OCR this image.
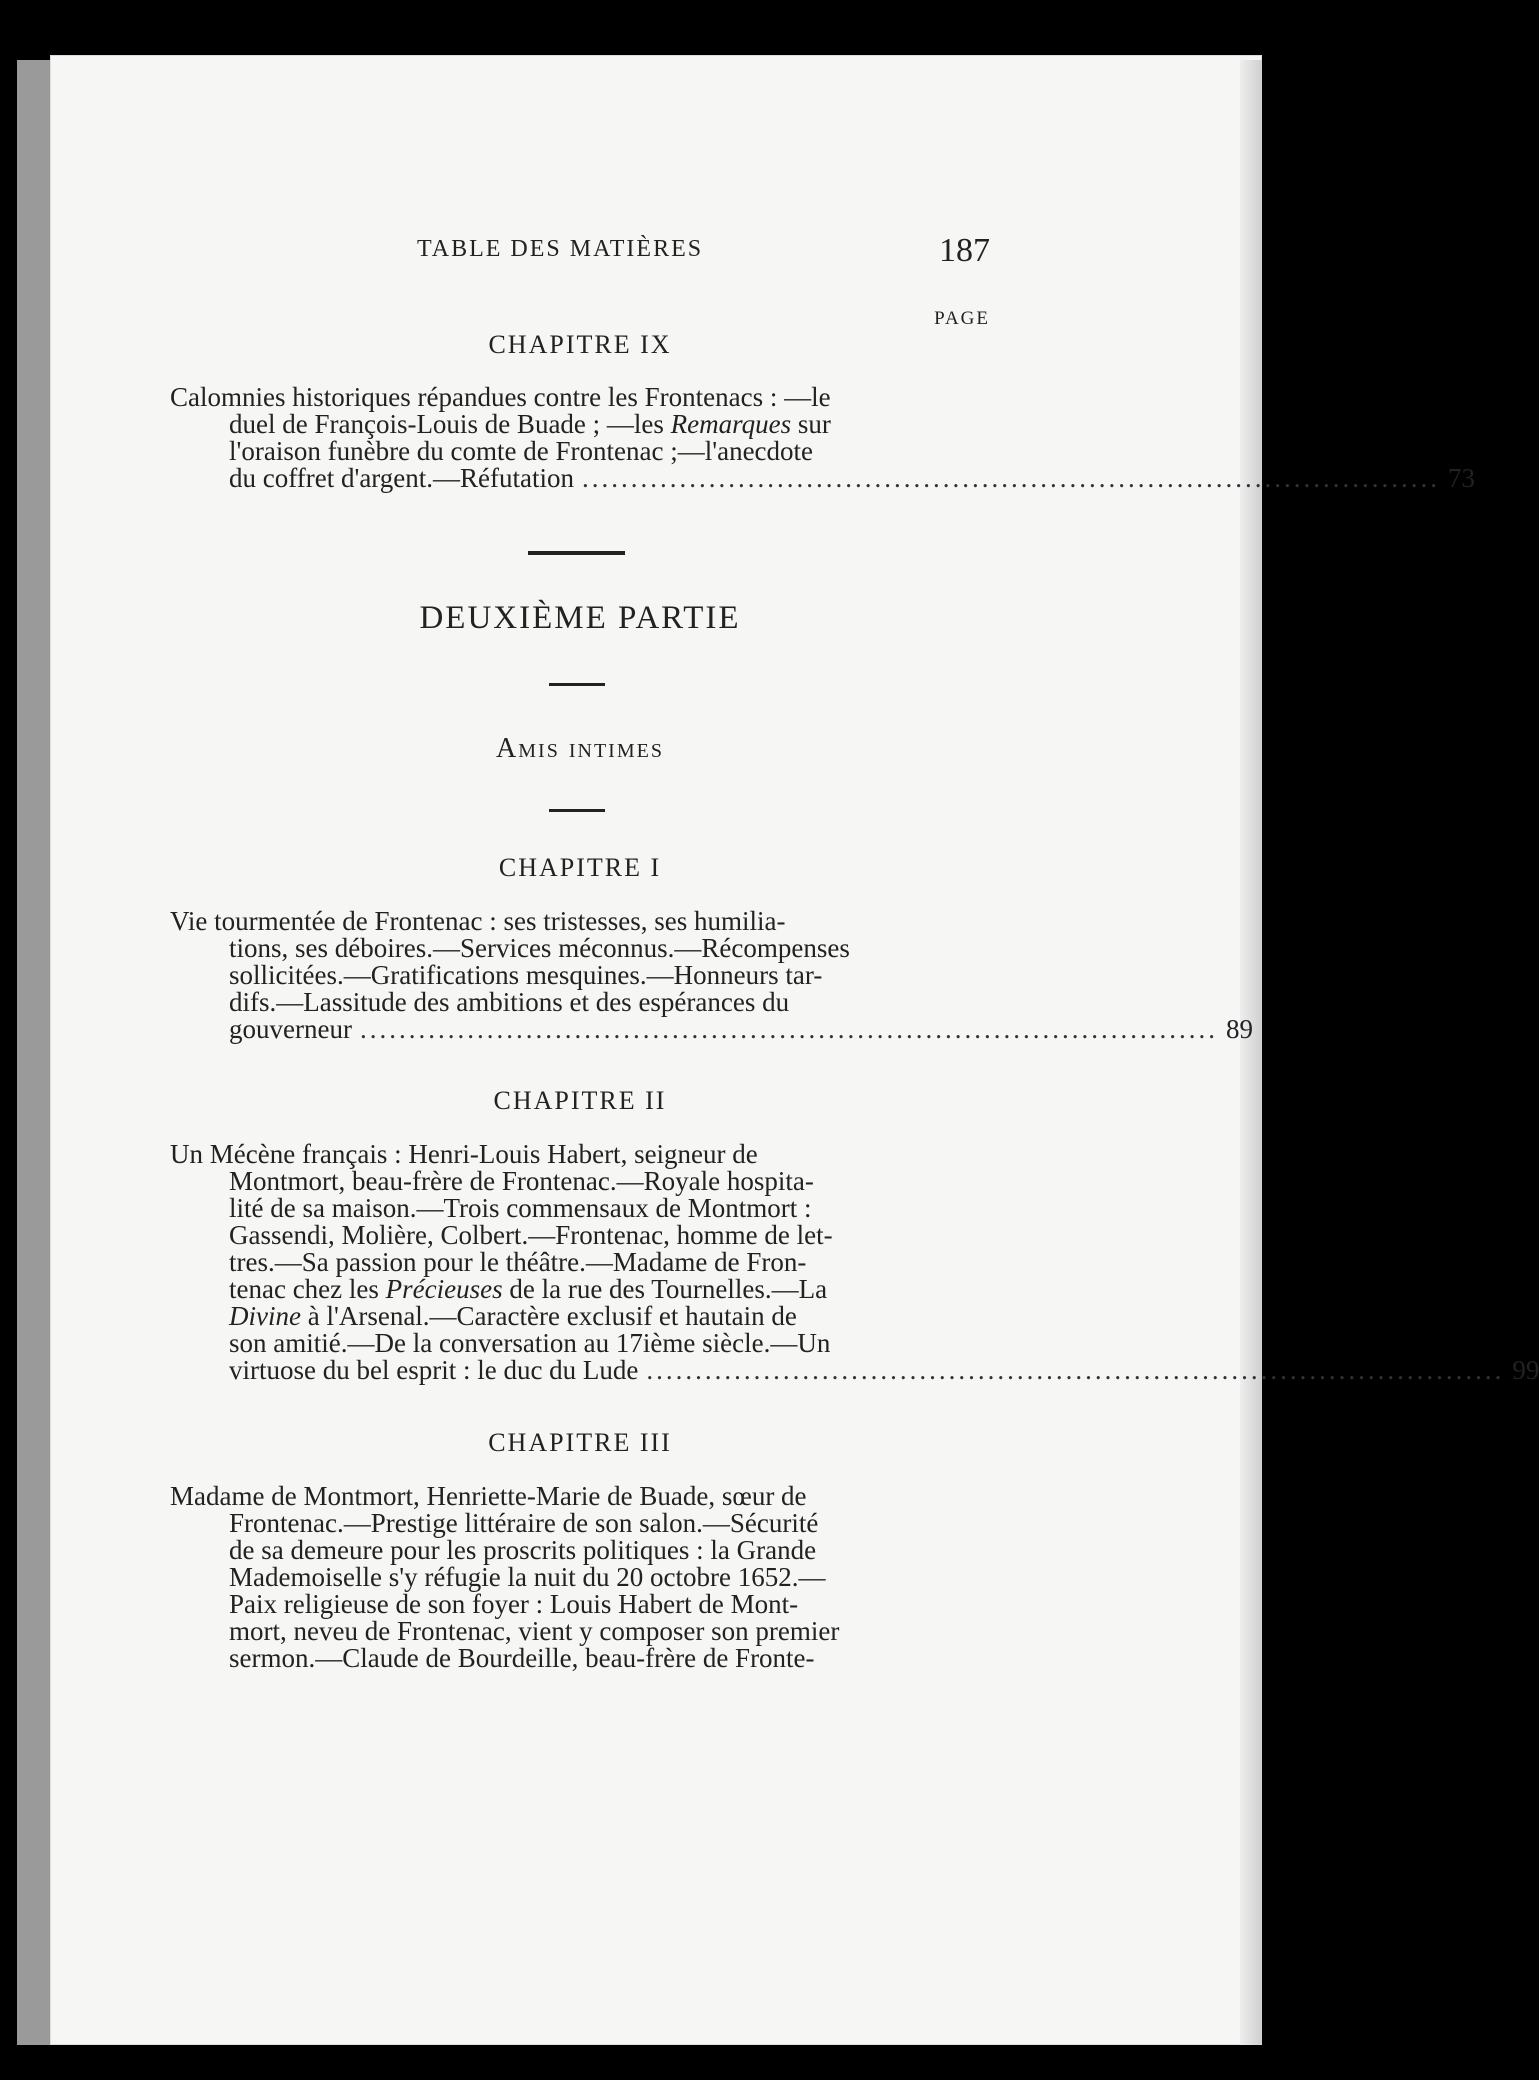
TABLE DES MATIÈRES	187
PAGE
CHAPITRE IX
Calomnies historiques répandues contre les Frontenacs : —le
duel de François-Louis de Buade ; —les Remarques sur
l'oraison funèbre du comte de Frontenac ;—l'anecdote
du coffret d'argent.—Réfutation ........................................................................................ 73
DEUXIÈME PARTIE
Amis intimes
CHAPITRE I
Vie tourmentée de Frontenac : ses tristesses, ses humilia-
tions, ses déboires.—Services méconnus.—Récompenses
sollicitées.—Gratifications mesquines.—Honneurs tar-
difs.—Lassitude des ambitions et des espérances du
gouverneur ........................................................................................ 89
CHAPITRE II
Un Mécène français : Henri-Louis Habert, seigneur de
Montmort, beau-frère de Frontenac.—Royale hospita-
lité de sa maison.—Trois commensaux de Montmort :
Gassendi, Molière, Colbert.—Frontenac, homme de let-
tres.—Sa passion pour le théâtre.—Madame de Fron-
tenac chez les Précieuses de la rue des Tournelles.—La
Divine à l'Arsenal.—Caractère exclusif et hautain de
son amitié.—De la conversation au 17ième siècle.—Un
virtuose du bel esprit : le duc du Lude ........................................................................................ 99
CHAPITRE III
Madame de Montmort, Henriette-Marie de Buade, sœur de
Frontenac.—Prestige littéraire de son salon.—Sécurité
de sa demeure pour les proscrits politiques : la Grande
Mademoiselle s'y réfugie la nuit du 20 octobre 1652.—
Paix religieuse de son foyer : Louis Habert de Mont-
mort, neveu de Frontenac, vient y composer son premier
sermon.—Claude de Bourdeille, beau-frère de Fronte-
